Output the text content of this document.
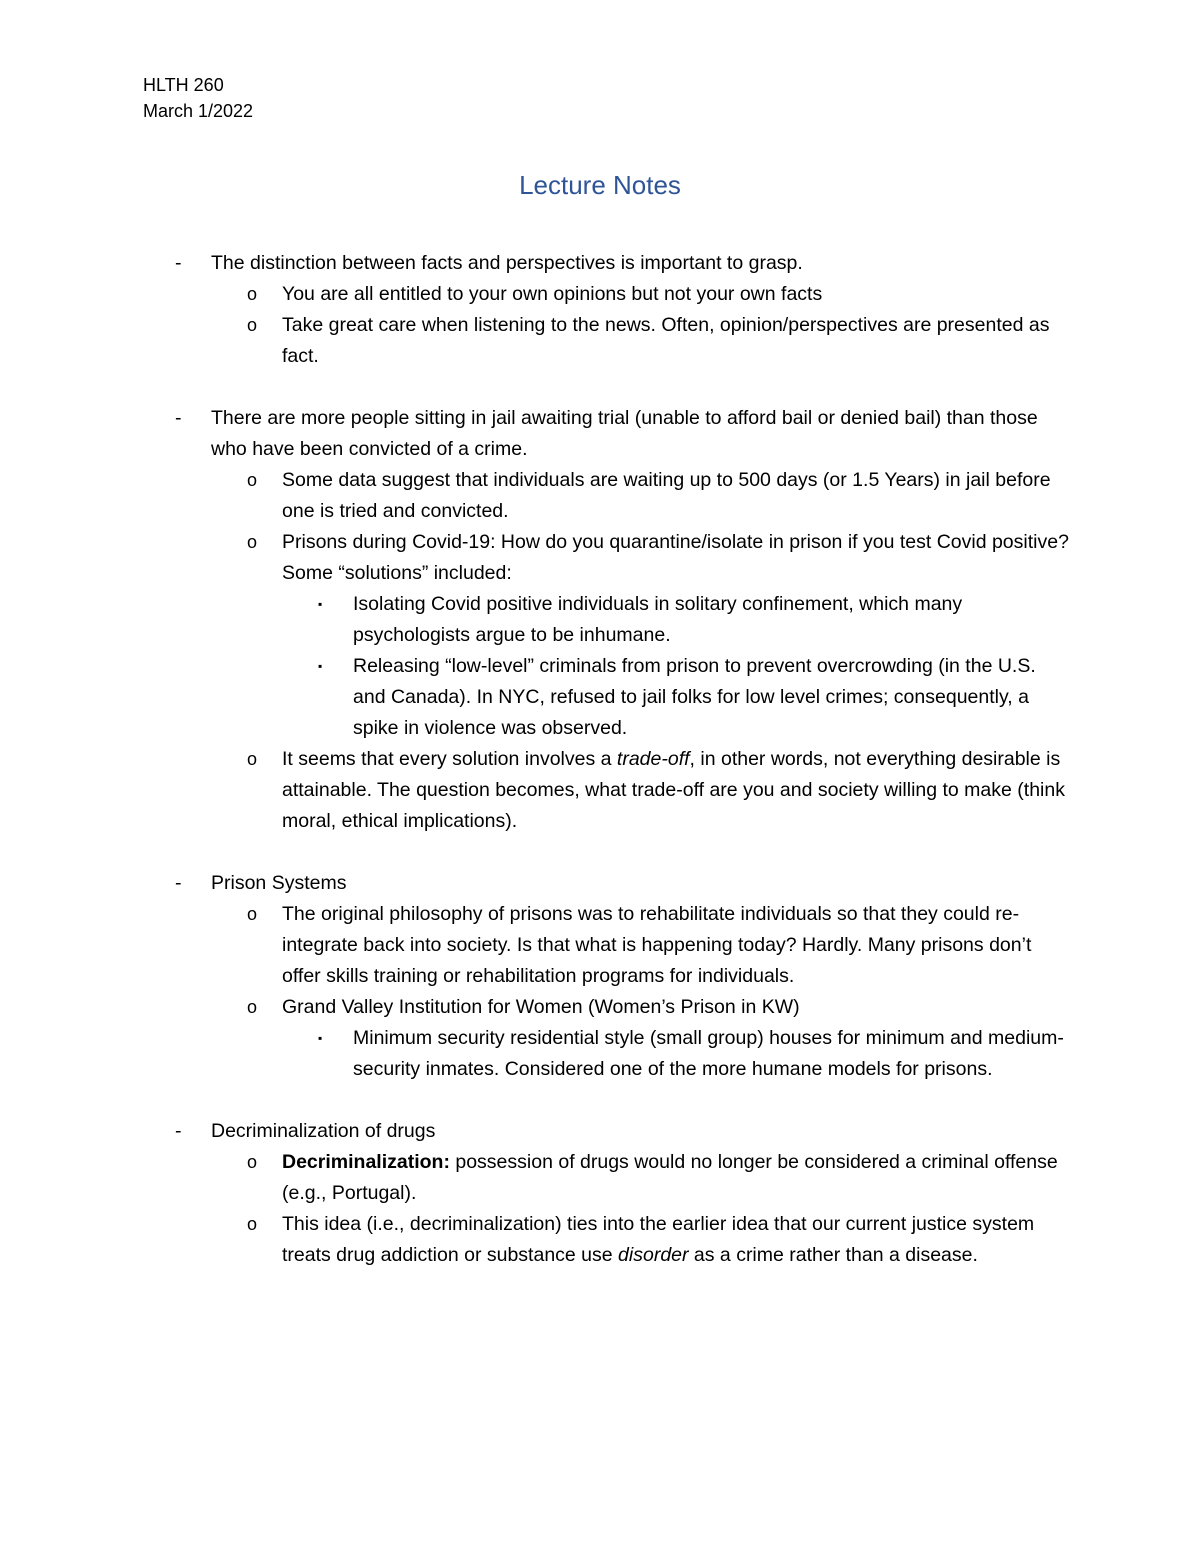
HLTH 260
March 1/2022
Lecture Notes
- The distinction between facts and perspectives is important to grasp.
o You are all entitled to your own opinions but not your own facts
o Take great care when listening to the news. Often, opinion/perspectives are presented as fact.
- There are more people sitting in jail awaiting trial (unable to afford bail or denied bail) than those who have been convicted of a crime.
o Some data suggest that individuals are waiting up to 500 days (or 1.5 Years) in jail before one is tried and convicted.
o Prisons during Covid-19: How do you quarantine/isolate in prison if you test Covid positive? Some “solutions” included:
▪ Isolating Covid positive individuals in solitary confinement, which many psychologists argue to be inhumane.
▪ Releasing “low-level” criminals from prison to prevent overcrowding (in the U.S. and Canada). In NYC, refused to jail folks for low level crimes; consequently, a spike in violence was observed.
o It seems that every solution involves a trade-off, in other words, not everything desirable is attainable. The question becomes, what trade-off are you and society willing to make (think moral, ethical implications).
- Prison Systems
o The original philosophy of prisons was to rehabilitate individuals so that they could re-integrate back into society. Is that what is happening today? Hardly. Many prisons don’t offer skills training or rehabilitation programs for individuals.
o Grand Valley Institution for Women (Women’s Prison in KW)
▪ Minimum security residential style (small group) houses for minimum and medium-security inmates. Considered one of the more humane models for prisons.
- Decriminalization of drugs
o Decriminalization: possession of drugs would no longer be considered a criminal offense (e.g., Portugal).
o This idea (i.e., decriminalization) ties into the earlier idea that our current justice system treats drug addiction or substance use disorder as a crime rather than a disease.
